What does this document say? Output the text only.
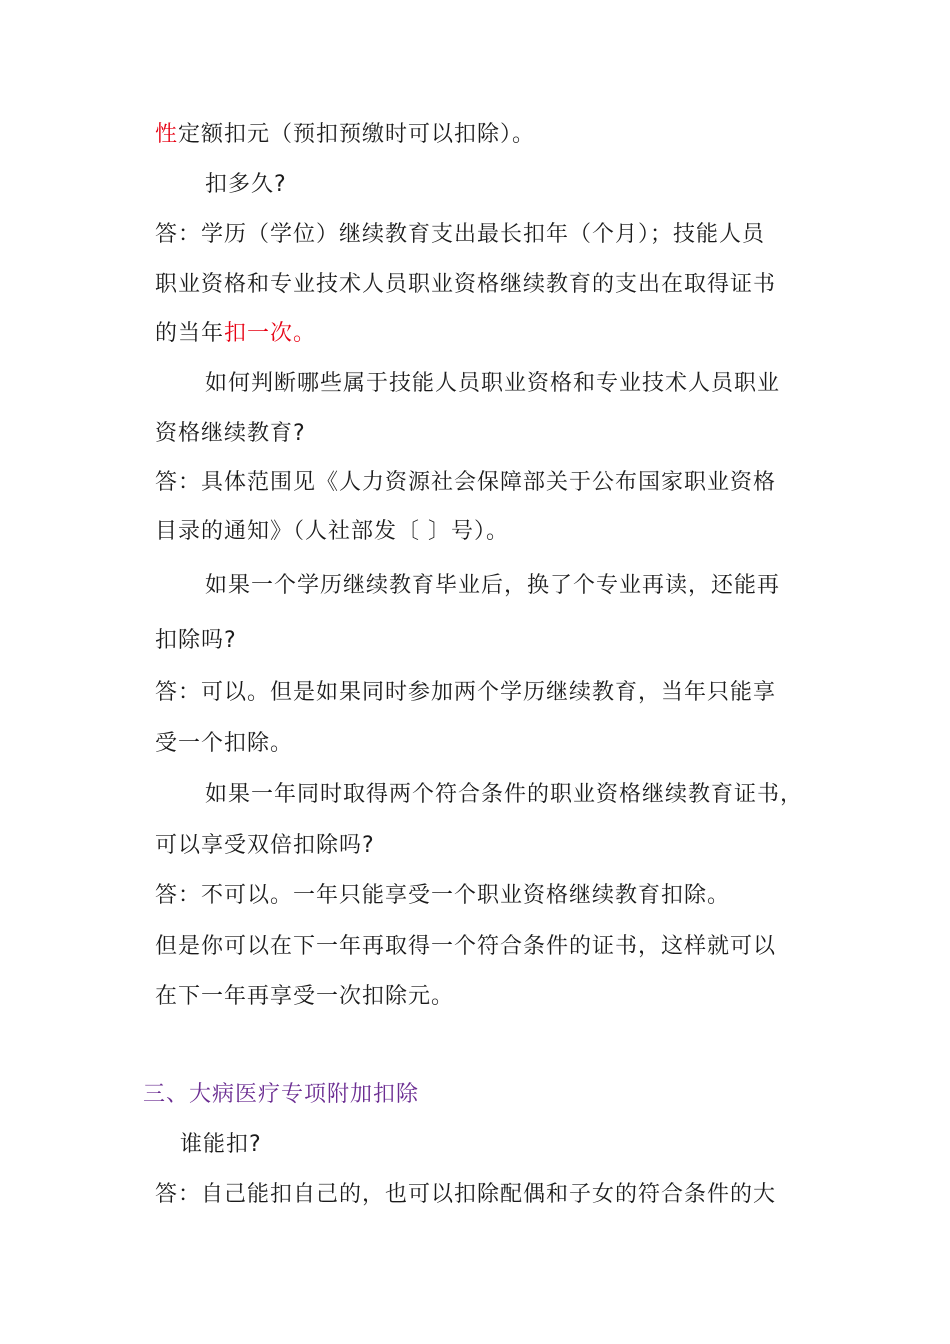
性定额扣元（预扣预缴时可以扣除）。
扣多久?
答：学历（学位）继续教育支出最长扣年（个月）；技能人员
职业资格和专业技术人员职业资格继续教育的支出在取得证书
的当年扣一次。
如何判断哪些属于技能人员职业资格和专业技术人员职业
资格继续教育?
答：具体范围见《人力资源社会保障部关于公布国家职业资格
目录的通知》（人社部发〔 〕号）。
如果一个学历继续教育毕业后，换了个专业再读，还能再
扣除吗?
答：可以。但是如果同时参加两个学历继续教育，当年只能享
受一个扣除。
如果一年同时取得两个符合条件的职业资格继续教育证书，
可以享受双倍扣除吗?
答：不可以。一年只能享受一个职业资格继续教育扣除。
但是你可以在下一年再取得一个符合条件的证书，这样就可以
在下一年再享受一次扣除元。
三、大病医疗专项附加扣除
谁能扣?
答：自己能扣自己的，也可以扣除配偶和子女的符合条件的大
